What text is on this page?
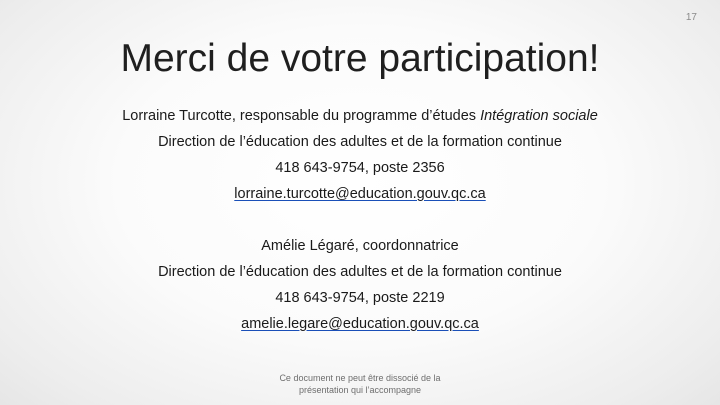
17
Merci de votre participation!
Lorraine Turcotte, responsable du programme d’études Intégration sociale
Direction de l’éducation des adultes et de la formation continue
418 643-9754, poste 2356
lorraine.turcotte@education.gouv.qc.ca
Amélie Légaré, coordonnatrice
Direction de l’éducation des adultes et de la formation continue
418 643-9754, poste 2219
amelie.legare@education.gouv.qc.ca
Ce document ne peut être dissocié de la
présentation qui l’accompagne
